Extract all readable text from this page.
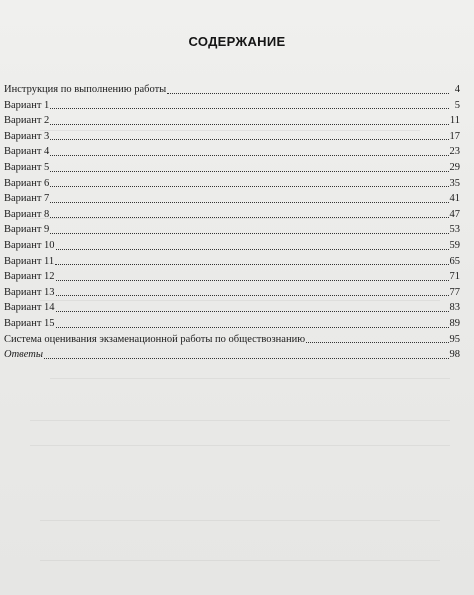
СОДЕРЖАНИЕ
Инструкция по выполнению работы	4
Вариант 1	5
Вариант 2	11
Вариант 3	17
Вариант 4	23
Вариант 5	29
Вариант 6	35
Вариант 7	41
Вариант 8	47
Вариант 9	53
Вариант 10	59
Вариант 11	65
Вариант 12	71
Вариант 13	77
Вариант 14	83
Вариант 15	89
Система оценивания экзаменационной работы по обществознанию	95
Ответы	98
